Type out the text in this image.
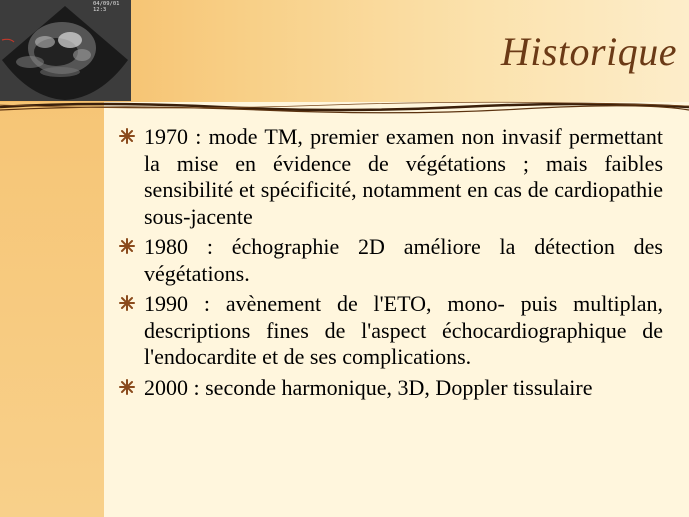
04/09/01 12:3
Historique
1970 : mode TM, premier examen non invasif permettant la mise en évidence de végétations ; mais faibles sensibilité et spécificité, notamment en cas de cardiopathie sous-jacente
1980 : échographie 2D améliore la détection des végétations.
1990 : avènement de l'ETO, mono- puis multiplan, descriptions fines de l'aspect échocardiographique de l'endocardite et de ses complications.
2000 : seconde harmonique, 3D, Doppler tissulaire
